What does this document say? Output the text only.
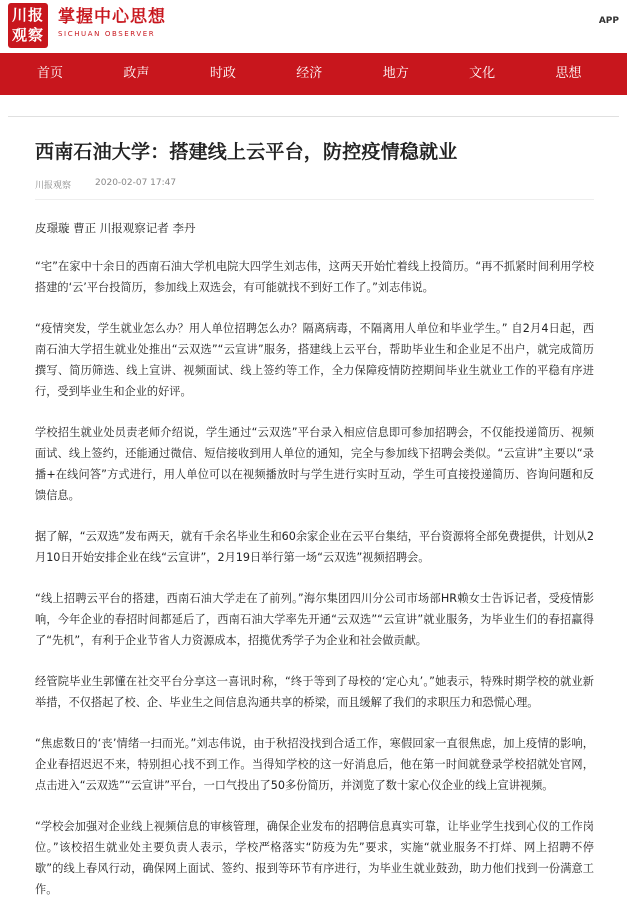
川报
观察
掌握中心思想
SICHUAN OBSERVER
APP
首页	政声	时政	经济	地方	文化	思想
西南石油大学：搭建线上云平台，防控疫情稳就业
川报观察	2020-02-07 17:47
皮璟璇 曹正 川报观察记者 李丹

“宅”在家中十余日的西南石油大学机电院大四学生刘志伟，这两天开始忙着线上投简历。“再不抓紧时间利用学校搭建的‘云’平台投简历，参加线上双选会，有可能就找不到好工作了。”刘志伟说。

“疫情突发，学生就业怎么办？用人单位招聘怎么办？隔离病毒，不隔离用人单位和毕业学生。” 自2月4日起，西南石油大学招生就业处推出“云双选”“云宣讲”服务，搭建线上云平台，帮助毕业生和企业足不出户，就完成简历撰写、简历筛选、线上宣讲、视频面试、线上签约等工作，全力保障疫情防控期间毕业生就业工作的平稳有序进行，受到毕业生和企业的好评。

学校招生就业处员责老师介绍说，学生通过“云双选”平台录入相应信息即可参加招聘会，不仅能投递简历、视频面试、线上签约，还能通过微信、短信接收到用人单位的通知，完全与参加线下招聘会类似。“云宣讲”主要以“录播+在线问答”方式进行，用人单位可以在视频播放时与学生进行实时互动，学生可直接投递简历、咨询问题和反馈信息。

据了解，“云双选”发布两天，就有千余名毕业生和60余家企业在云平台集结，平台资源将全部免费提供，计划从2月10日开始安排企业在线“云宣讲”，2月19日举行第一场“云双选”视频招聘会。

“线上招聘云平台的搭建，西南石油大学走在了前列。”海尔集团四川分公司市场部HR赖女士告诉记者，受疫情影响，今年企业的春招时间都延后了，西南石油大学率先开通“云双选”“云宣讲”就业服务，为毕业生们的春招赢得了“先机”，有利于企业节省人力资源成本，招揽优秀学子为企业和社会做贡献。

经管院毕业生郭懂在社交平台分享这一喜讯时称，“终于等到了母校的‘定心丸’。”她表示，特殊时期学校的就业新举措，不仅搭起了校、企、毕业生之间信息沟通共享的桥梁，而且缓解了我们的求职压力和恐慌心理。

“焦虑数日的‘丧’情绪一扫而光。”刘志伟说，由于秋招没找到合适工作，寒假回家一直很焦虑，加上疫情的影响，企业春招迟迟不来，特别担心找不到工作。当得知学校的这一好消息后，他在第一时间就登录学校招就处官网，点击进入“云双选”“云宣讲”平台，一口气投出了50多份简历，并浏览了数十家心仪企业的线上宣讲视频。

“学校会加强对企业线上视频信息的审核管理，确保企业发布的招聘信息真实可靠，让毕业学生找到心仪的工作岗位。”该校招生就业处主要负责人表示，学校严格落实“防疫为先”要求，实施“就业服务不打烊、网上招聘不停歇”的线上春风行动，确保网上面试、签约、报到等环节有序进行，为毕业生就业鼓劲，助力他们找到一份满意工作。
